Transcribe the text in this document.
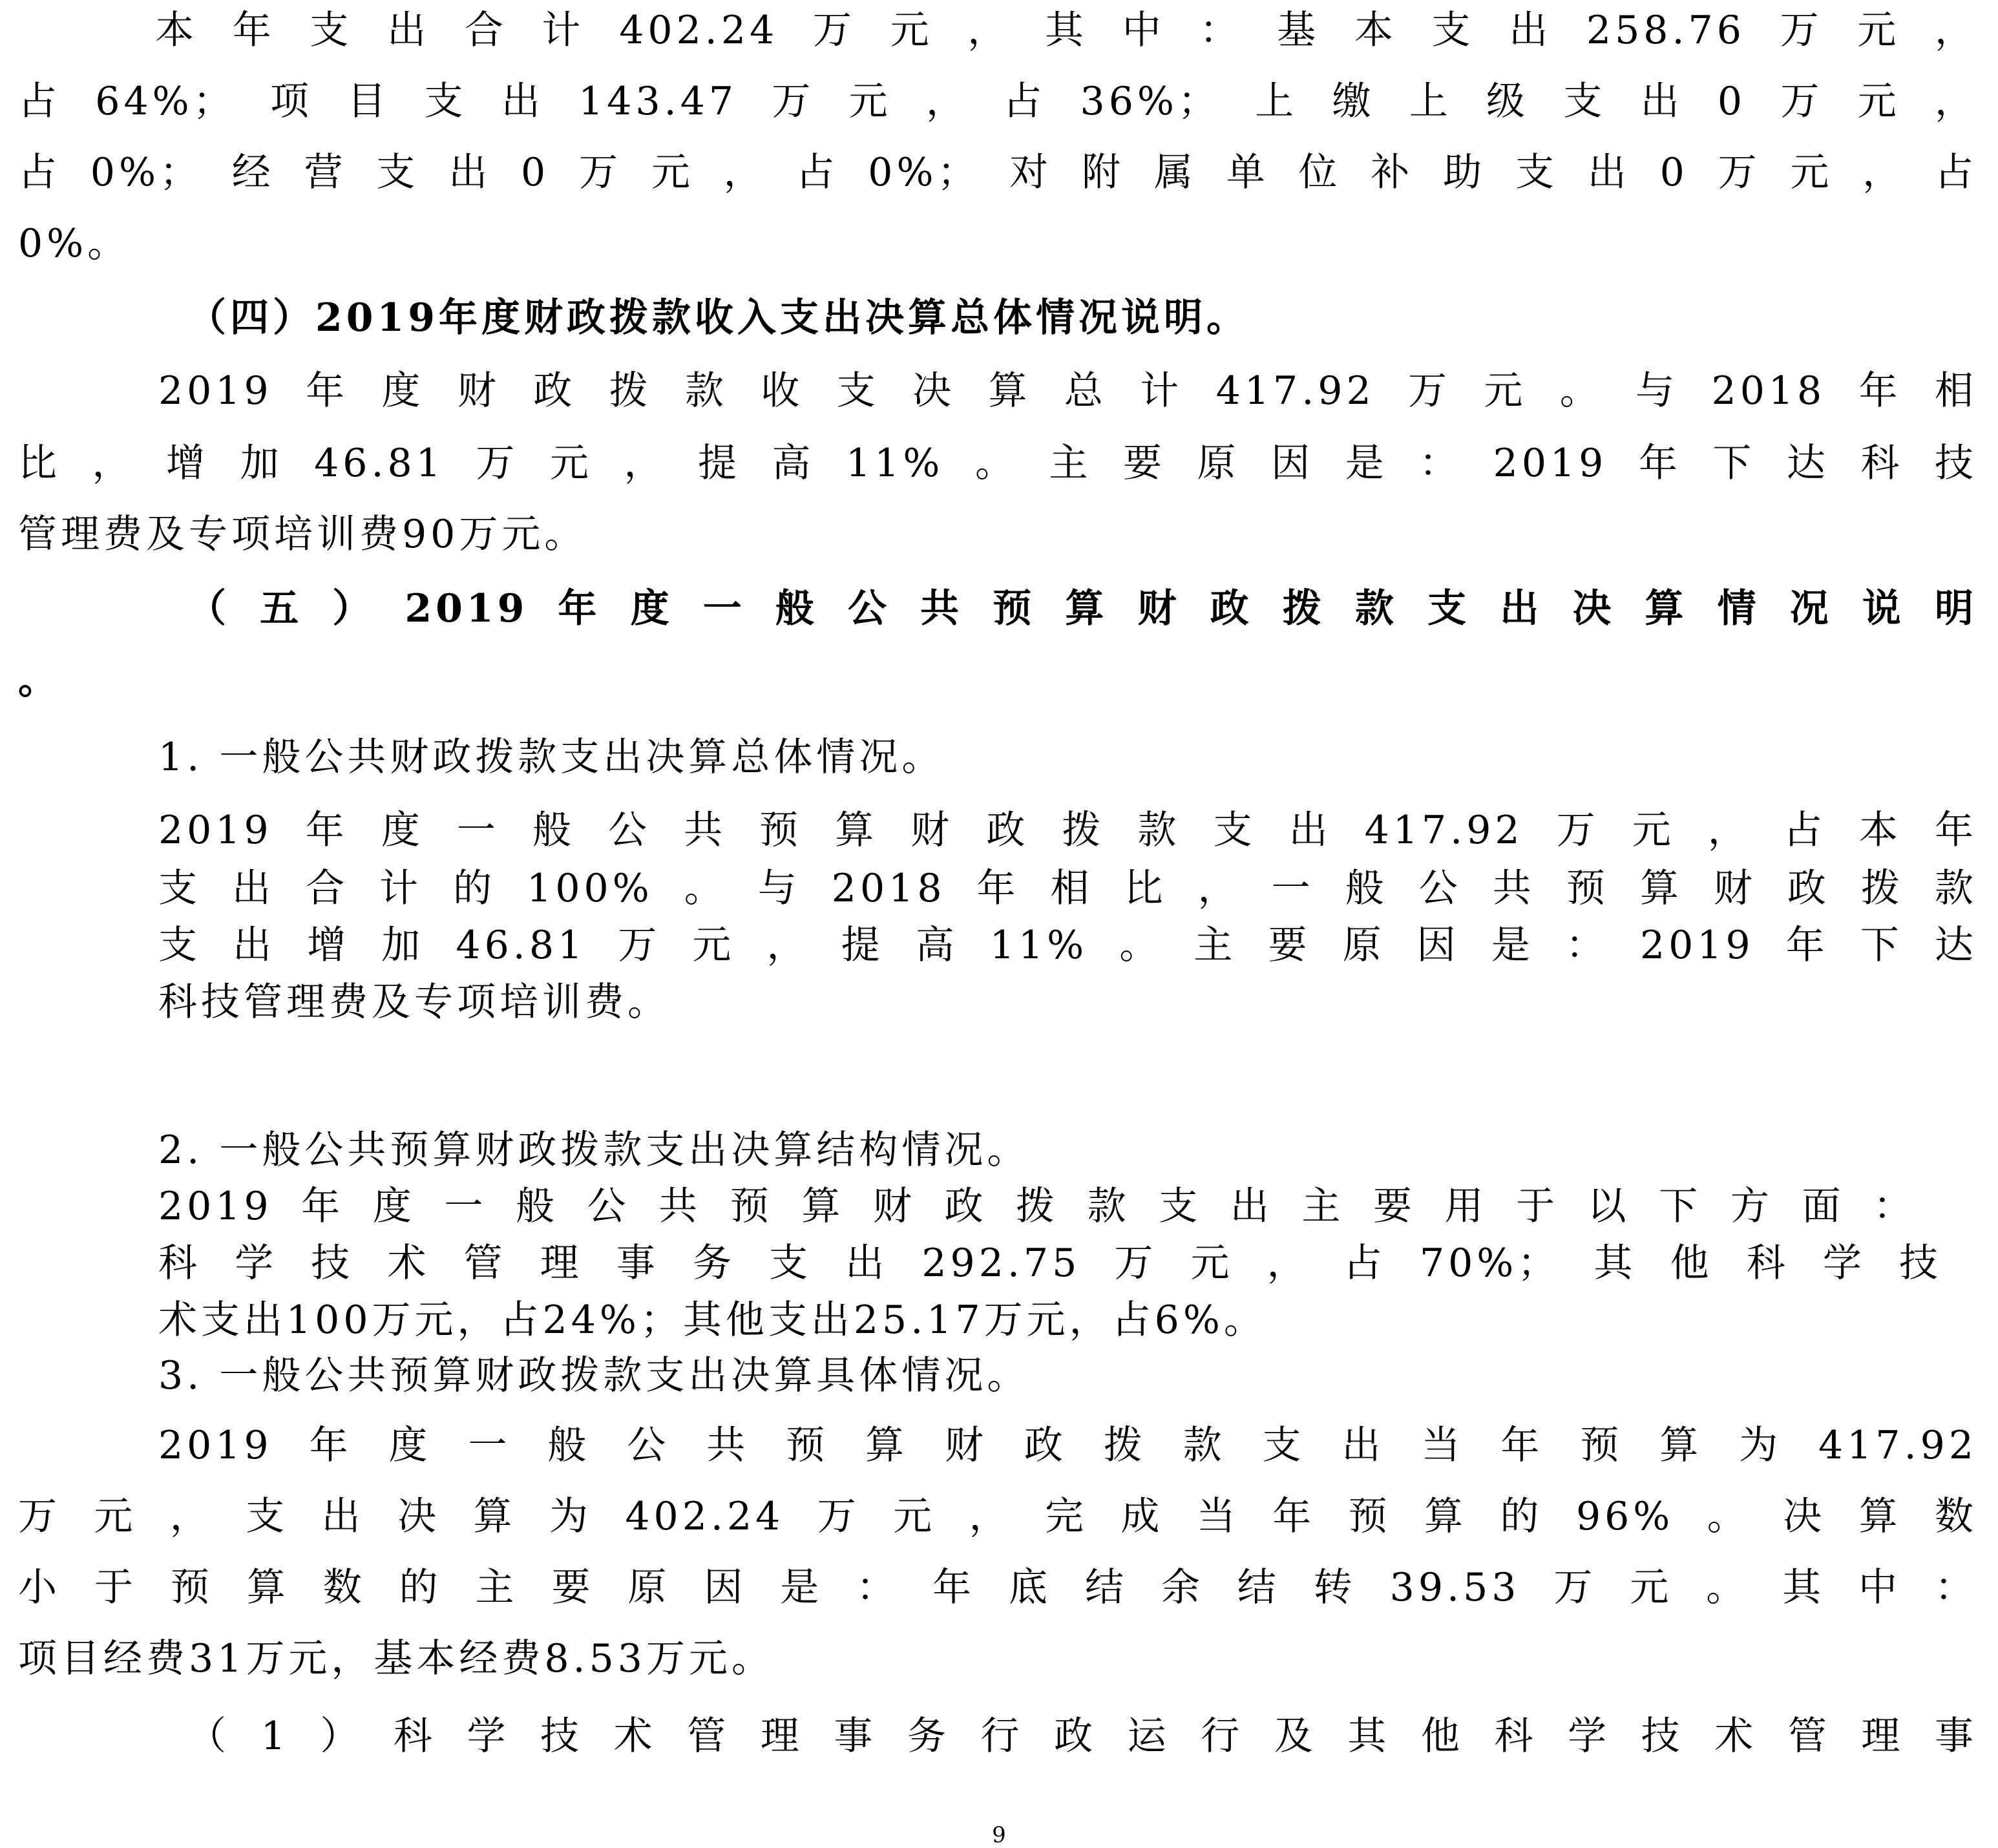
本年支出合计402.24万元，其中：基本支出258.76万元，
占64%；项目支出143.47万元，占36%；上缴上级支出0万元，
占0%；经营支出0万元，占0%；对附属单位补助支出0万元，占
0%。
（四）2019年度财政拨款收入支出决算总体情况说明。
2019年度财政拨款收支决算总计417.92万元。与2018年相
比，增加46.81万元，提高11%。主要原因是：2019年下达科技
管理费及专项培训费90万元。
（五）2019年度一般公共预算财政拨款支出决算情况说明
。
1. 一般公共财政拨款支出决算总体情况。
2019年度一般公共预算财政拨款支出417.92万元，占本年
支出合计的100%。与2018年相比，一般公共预算财政拨款
支出增加46.81万元，提高11%。主要原因是：2019年下达
科技管理费及专项培训费。
2. 一般公共预算财政拨款支出决算结构情况。
2019年度一般公共预算财政拨款支出主要用于以下方面：
科学技术管理事务支出292.75万元，占70%；其他科学技
术支出100万元，占24%；其他支出25.17万元，占6%。
3. 一般公共预算财政拨款支出决算具体情况。
2019年度一般公共预算财政拨款支出当年预算为417.92
万元，支出决算为402.24万元，完成当年预算的96%。决算数
小于预算数的主要原因是：年底结余结转39.53万元。其中：
项目经费31万元，基本经费8.53万元。
（1）科学技术管理事务行政运行及其他科学技术管理事
9
